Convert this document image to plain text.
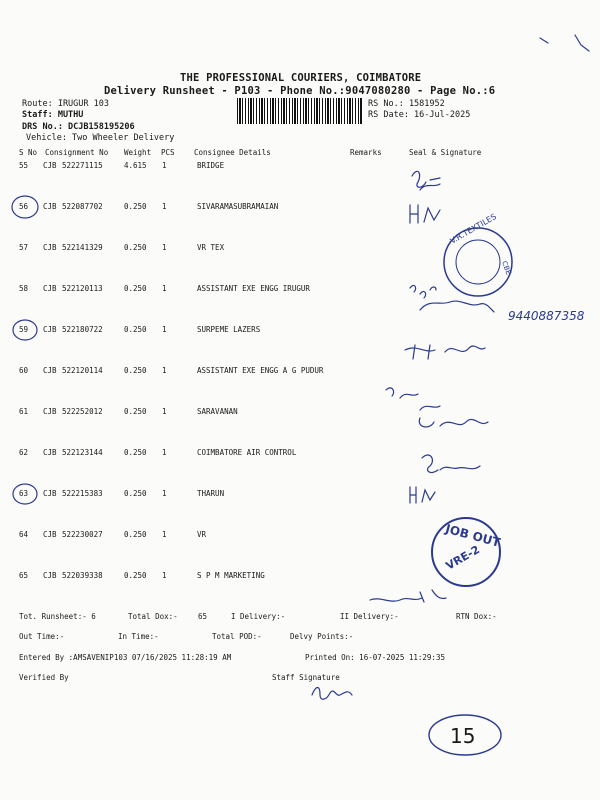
THE PROFESSIONAL COURIERS, COIMBATORE
Delivery Runsheet - P103 - Phone No.:9047080280 - Page No.:6
Route: IRUGUR 103
Staff: MUTHU
DRS No.: DCJB158195206
Vehicle: Two Wheeler Delivery
RS No.: 1581952
RS Date: 16-Jul-2025
S No Consignment No Weight PCS	Consignee Details	Remarks	Seal & Signature
55 CJB 522271115	4.615 1	BRIDGE
56 CJB 522087702	0.250 1	SIVARAMASUBRAMAIAN
57 CJB 522141329	0.250 1	VR TEX
58 CJB 522120113	0.250 1	ASSISTANT EXE ENGG IRUGUR
59 CJB 522180722	0.250 1	SURPEME LAZERS
60 CJB 522120114	0.250 1	ASSISTANT EXE ENGG A G PUDUR
61 CJB 522252012	0.250 1	SARAVANAN
62 CJB 522123144	0.250 1	COIMBATORE AIR CONTROL
63 CJB 522215383	0.250 1	THARUN
64 CJB 522230027	0.250 1	VR
65 CJB 522039338	0.250 1	S P M MARKETING
Tot. Runsheet:- 6	Total Dox:-	65	I Delivery:-	II Delivery:-	RTN Dox:-
Out Time:-	In Time:-	Total POD:-	Delvy Points:-
Entered By :AMSAVENIP103 07/16/2025 11:28:19 AM	Printed On: 16-07-2025 11:29:35
Verified By	Staff Signature
V.R.TEXTILES
CBE
JOB OUT
VRE-2
9440887358
15
